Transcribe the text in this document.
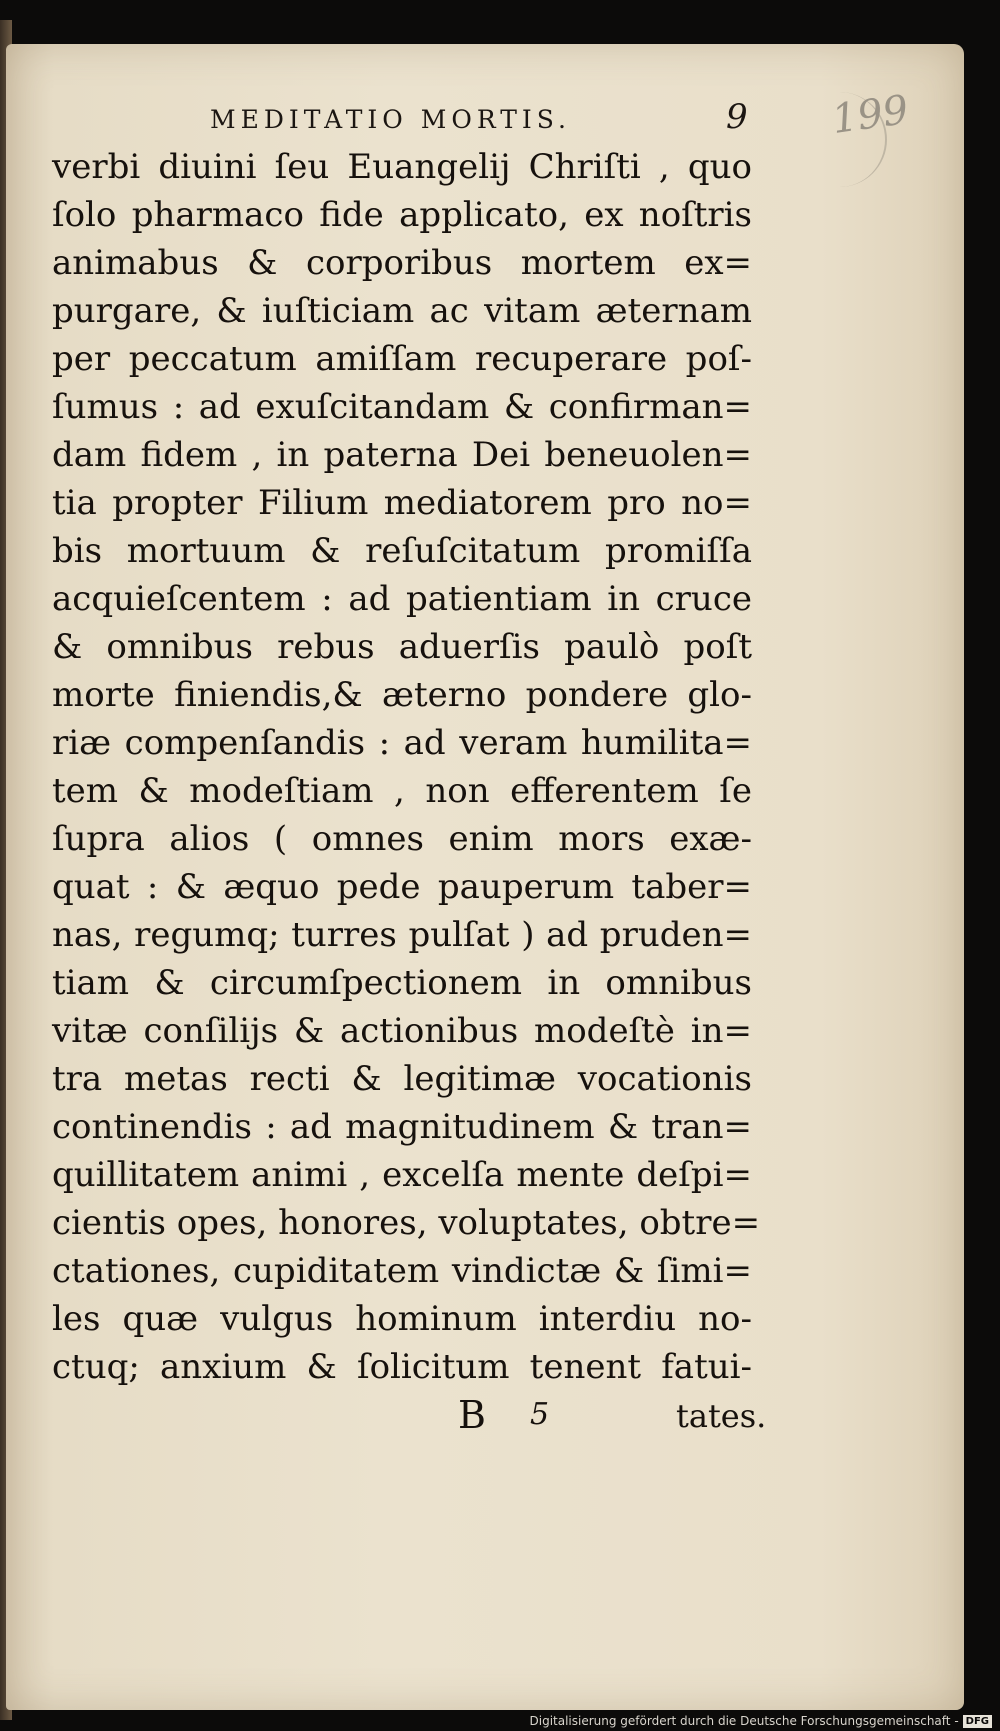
MEDITATIO MORTIS.	9 199
verbi diuini ſeu Euangelij Chriſti , quo
ſolo pharmaco fide applicato, ex noſtris
animabus & corporibus mortem ex=
purgare, & iuſticiam ac vitam æternam
per peccatum amiſſam recuperare poſ-
ſumus : ad exuſcitandam & confirman=
dam fidem , in paterna Dei beneuolen=
tia propter Filium mediatorem pro no=
bis mortuum & reſuſcitatum promiſſa
acquieſcentem : ad patientiam in cruce
& omnibus rebus aduerſis paulò poſt
morte finiendis,& æterno pondere glo-
riæ compenſandis : ad veram humilita=
tem & modeſtiam , non efferentem ſe
ſupra alios ( omnes enim mors exæ-
quat : & æquo pede pauperum taber=
nas, regumq; turres pulſat ) ad pruden=
tiam & circumſpectionem in omnibus
vitæ conſilijs & actionibus modeſtè in=
tra metas recti & legitimæ vocationis
continendis : ad magnitudinem & tran=
quillitatem animi , excelſa mente deſpi=
cientis opes, honores, voluptates, obtre=
ctationes, cupiditatem vindictæ & ſimi=
les quæ vulgus hominum interdiu no-
ctuq; anxium & ſolicitum tenent fatui-
B 5	tates.
Digitalisierung gefördert durch die Deutsche Forschungsgemeinschaft - DFG
